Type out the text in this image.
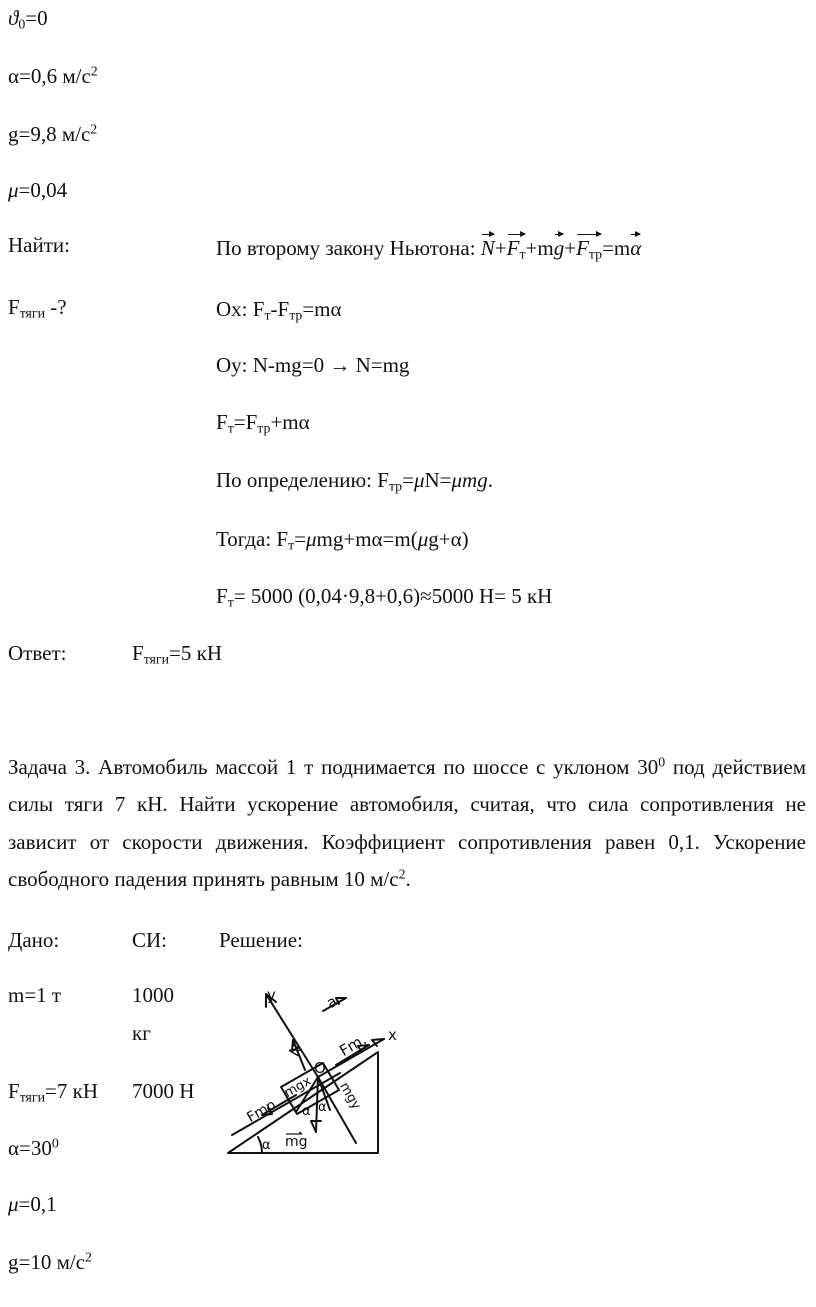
$ϑ_0=0$
α=0,6 $м/с^2$
g=9,8 $м/с^2$
μ=0,04
Найти:
$F_{тяги}$ -?
По второму закону Ньютона: $N+F_т+mg+F_{тр}=m\alpha$
Ox: $F_т-F_{тр}=m\alpha$
Oy: N-mg=0 → N=mg
$F_т=F_{тр}+m\alpha$
По определению: $F_{тр}=\mu N=\mu mg$.
Тогда: $F_т=\mu mg+m\alpha=m(\mu g+\alpha)$
$F_т= 5000$ (0,04·9,8+0,6)≈5000 Н= 5 кН
Ответ:	$F_{тяги}=5$ кН
Задача 3. Автомобиль массой 1 т поднимается по шоссе с уклоном $30^0$ под действием
силы тяги 7 кН. Найти ускорение автомобиля, считая, что сила сопротивления не
зависит от скорости движения. Коэффициент сопротивления равен 0,1. Ускорение
свободного падения принять равным 10 $м/с^2$.
Дано:	СИ: Решение:
m=1 т	1000
кг
$F_{тяги}=7$ кН 7000 Н
$\alpha=30^0$
μ=0,1
g=10 $м/с^2$
y
x
a
N Fm.
O
mgx
Fmp	mgy
α α
mg
α
